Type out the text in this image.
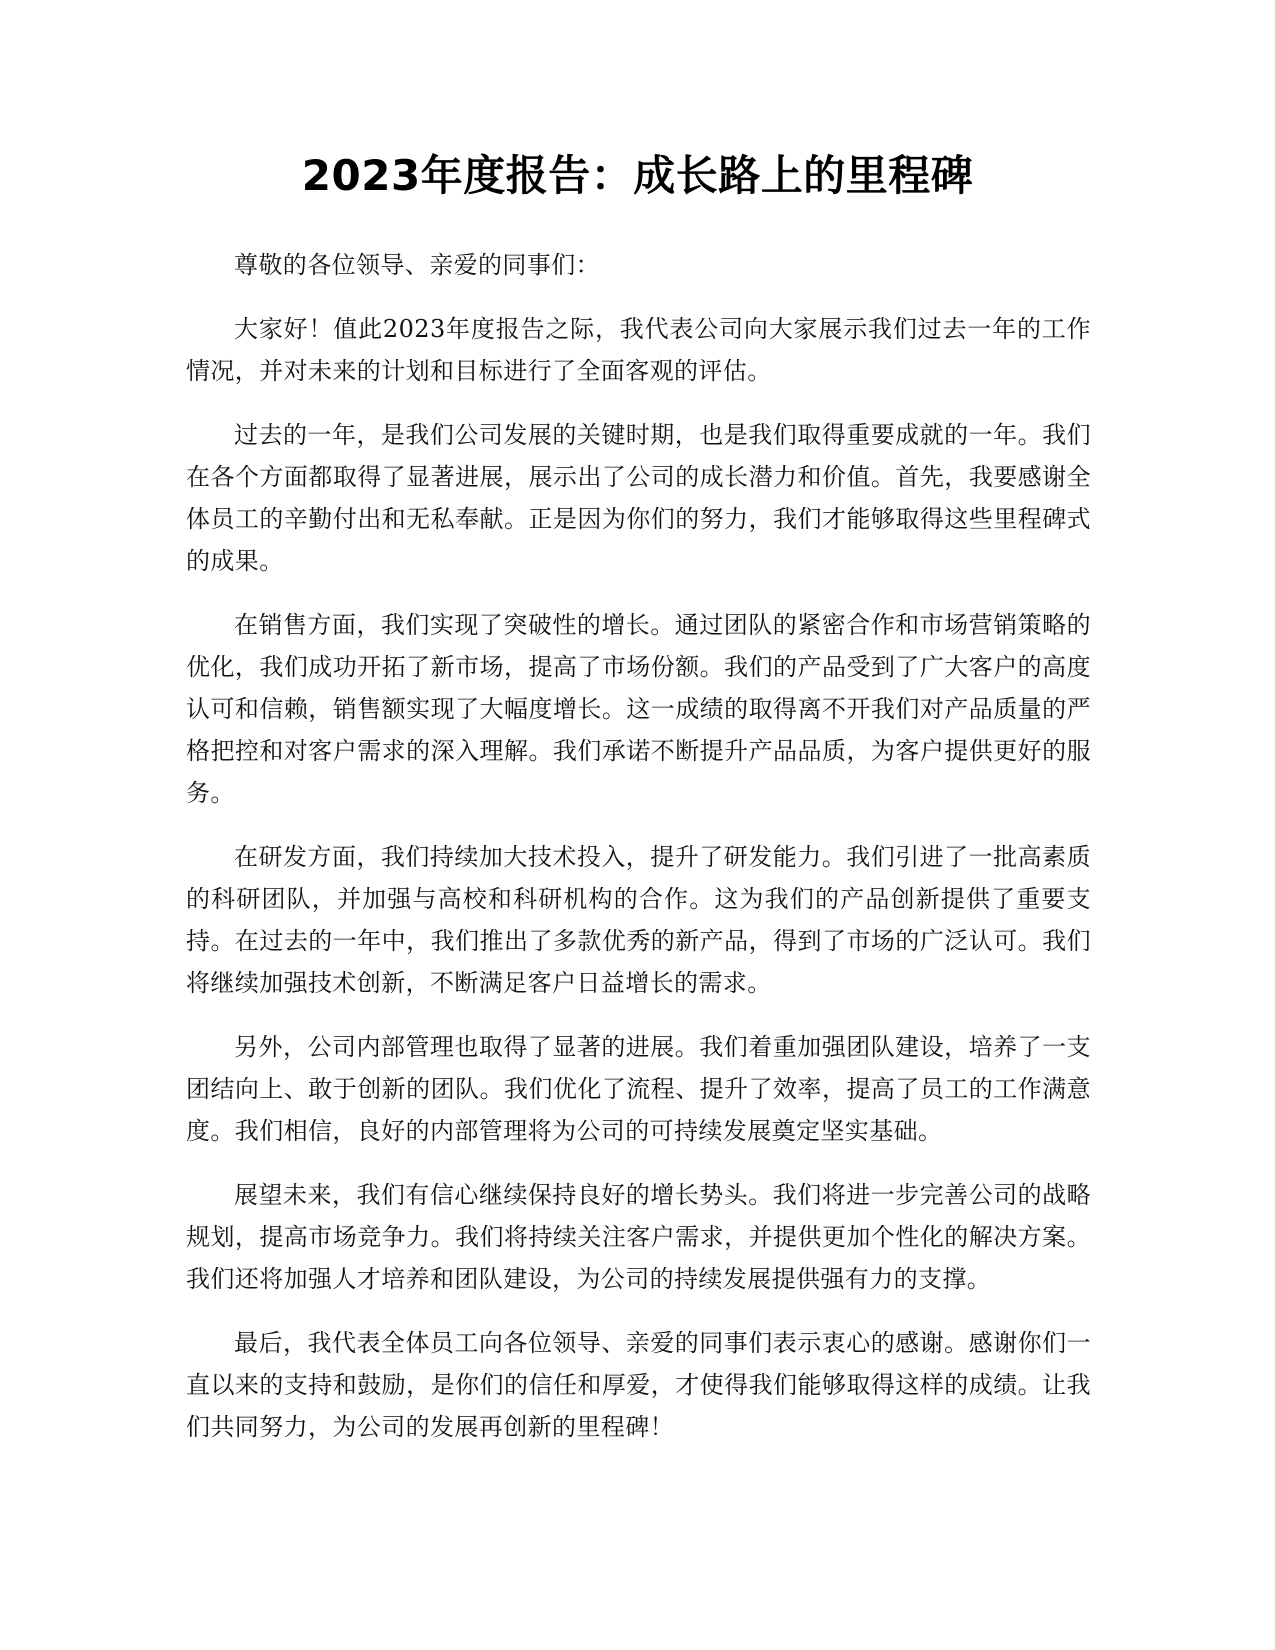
2023年度报告：成长路上的里程碑

尊敬的各位领导、亲爱的同事们：

大家好！值此2023年度报告之际，我代表公司向大家展示我们过去一年的工作情况，并对未来的计划和目标进行了全面客观的评估。

过去的一年，是我们公司发展的关键时期，也是我们取得重要成就的一年。我们在各个方面都取得了显著进展，展示出了公司的成长潜力和价值。首先，我要感谢全体员工的辛勤付出和无私奉献。正是因为你们的努力，我们才能够取得这些里程碑式的成果。

在销售方面，我们实现了突破性的增长。通过团队的紧密合作和市场营销策略的优化，我们成功开拓了新市场，提高了市场份额。我们的产品受到了广大客户的高度认可和信赖，销售额实现了大幅度增长。这一成绩的取得离不开我们对产品质量的严格把控和对客户需求的深入理解。我们承诺不断提升产品品质，为客户提供更好的服务。

在研发方面，我们持续加大技术投入，提升了研发能力。我们引进了一批高素质的科研团队，并加强与高校和科研机构的合作。这为我们的产品创新提供了重要支持。在过去的一年中，我们推出了多款优秀的新产品，得到了市场的广泛认可。我们将继续加强技术创新，不断满足客户日益增长的需求。

另外，公司内部管理也取得了显著的进展。我们着重加强团队建设，培养了一支团结向上、敢于创新的团队。我们优化了流程、提升了效率，提高了员工的工作满意度。我们相信，良好的内部管理将为公司的可持续发展奠定坚实基础。

展望未来，我们有信心继续保持良好的增长势头。我们将进一步完善公司的战略规划，提高市场竞争力。我们将持续关注客户需求，并提供更加个性化的解决方案。我们还将加强人才培养和团队建设，为公司的持续发展提供强有力的支撑。

最后，我代表全体员工向各位领导、亲爱的同事们表示衷心的感谢。感谢你们一直以来的支持和鼓励，是你们的信任和厚爱，才使得我们能够取得这样的成绩。让我们共同努力，为公司的发展再创新的里程碑！
